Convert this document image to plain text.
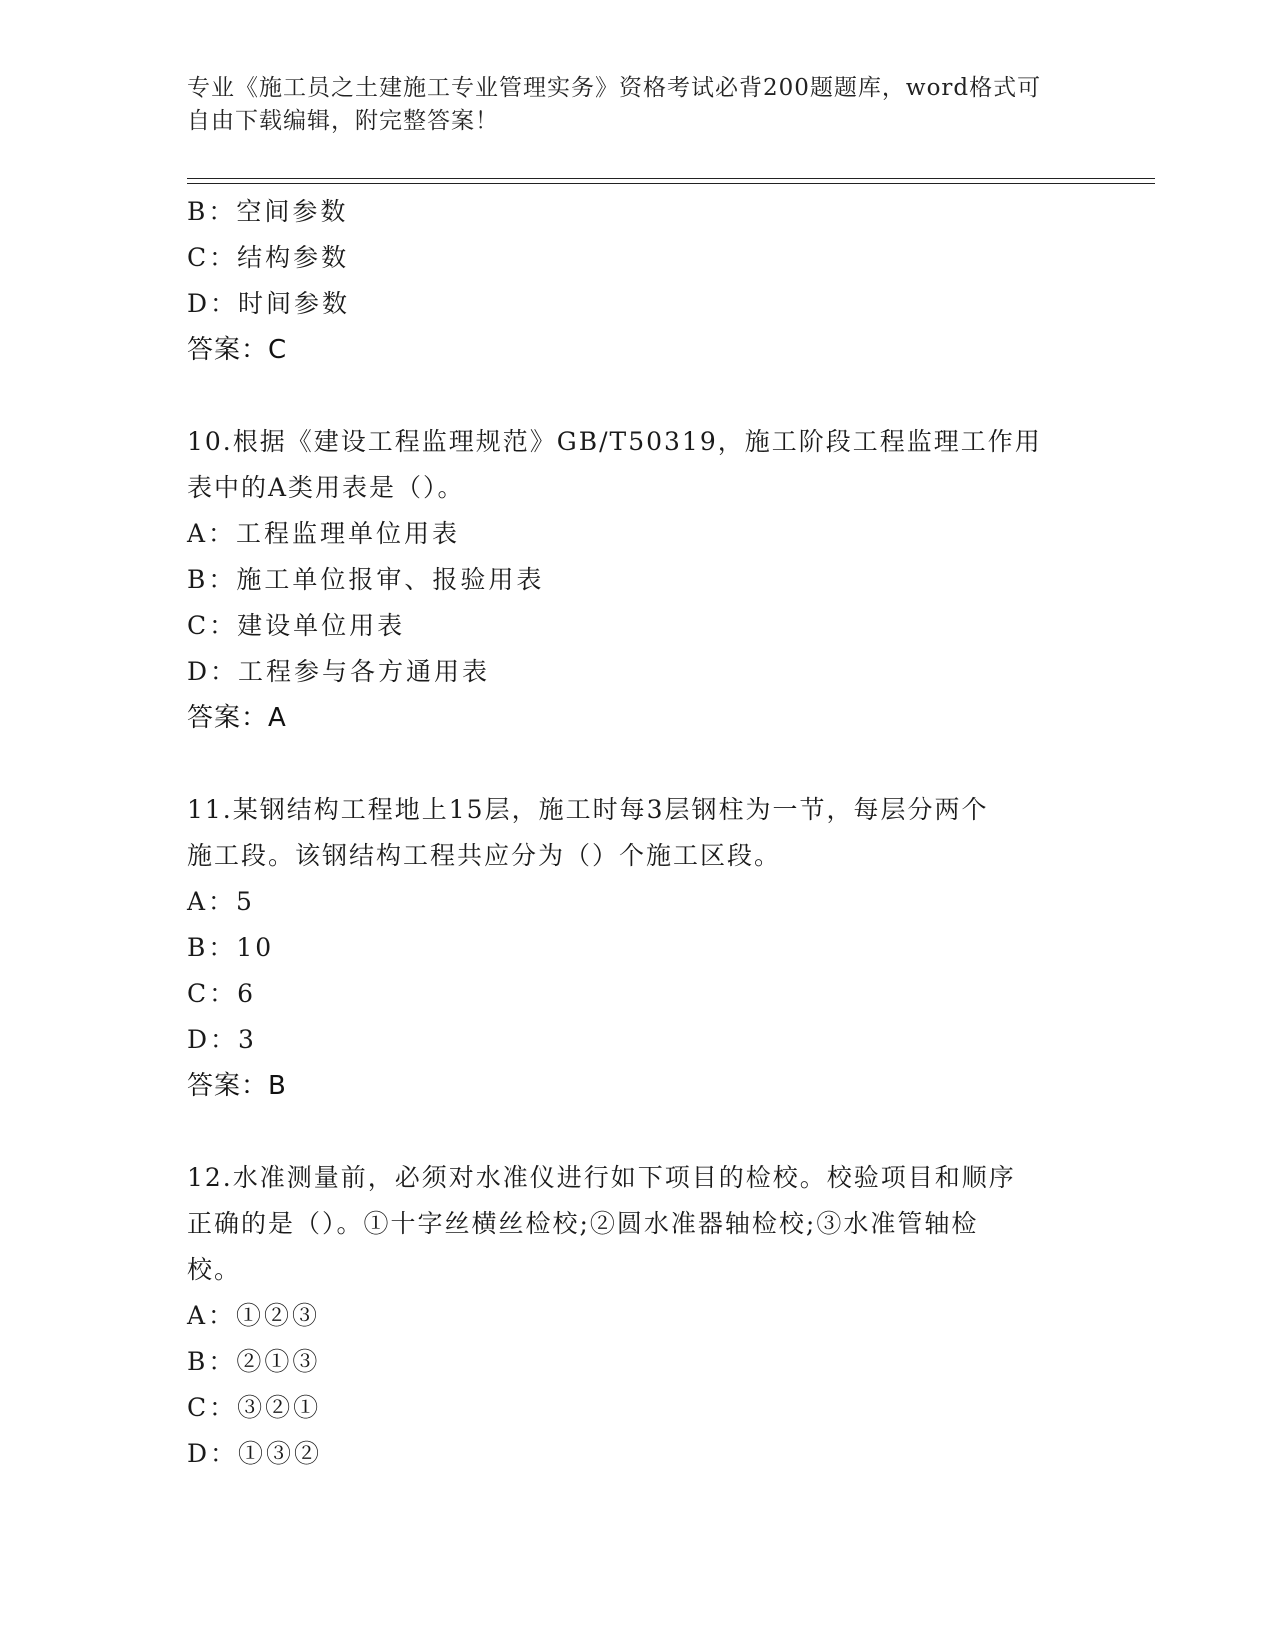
专业《施工员之土建施工专业管理实务》资格考试必背200题题库，word格式可
自由下载编辑，附完整答案！
B：空间参数
C：结构参数
D：时间参数
答案：C
10.根据《建设工程监理规范》GB/T50319，施工阶段工程监理工作用
表中的A类用表是（）。
A：工程监理单位用表
B：施工单位报审、报验用表
C：建设单位用表
D：工程参与各方通用表
答案：A
11.某钢结构工程地上15层，施工时每3层钢柱为一节，每层分两个
施工段。该钢结构工程共应分为（）个施工区段。
A：5
B：10
C：6
D：3
答案：B
12.水准测量前，必须对水准仪进行如下项目的检校。校验项目和顺序
正确的是（）。①十字丝横丝检校;②圆水准器轴检校;③水准管轴检
校。
A：①②③
B：②①③
C：③②①
D：①③②
